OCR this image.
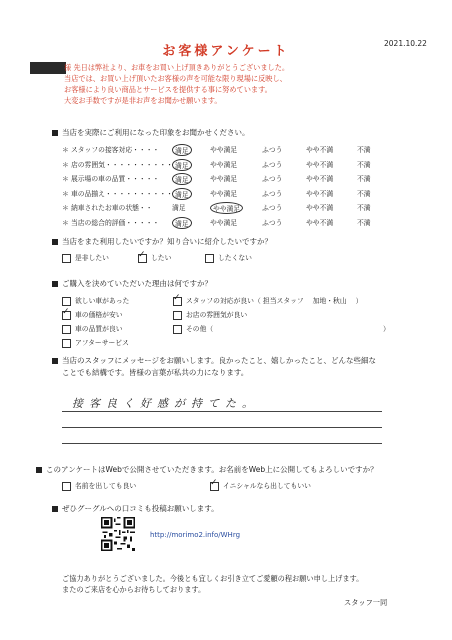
2021.10.22
お客様アンケート
様 先日は弊社より、お車をお買い上げ頂きありがとうございました。
当店では、お買い上げ頂いたお客様の声を可能な限り現場に反映し、
お客様により良い商品とサービスを提供する事に努めています。
大変お手数ですが是非お声をお聞かせ願います。
当店を実際にご利用になった印象をお聞かせください。
＊ スタッフの接客対応・・・・	満足	やや満足	ふつう	やや不満	不満
＊ 店の雰囲気・・・・・・・・・・ 満足	やや満足	ふつう	やや不満	不満
＊ 展示場の車の品質・・・・・	満足	やや満足	ふつう	やや不満	不満
＊ 車の品揃え・・・・・・・・・・ 満足	やや満足	ふつう	やや不満	不満
＊ 納車されたお車の状態・・	満足	やや満足	ふつう	やや不満	不満
＊ 当店の総合的評価・・・・・	満足	やや満足	ふつう	やや不満	不満
当店をまた利用したいですか？知り合いに紹介したいですか？
是非したい ✓	したい	したくない
ご購入を決めていただいた理由は何ですか？
欲しい車があった
✓車の価格が安い
車の品質が良い
アフターサービス
✓スタッフの対応が良い（ 担当スタッフ　 加地・秋山 　）
お店の雰囲気が良い
その他（	）
当店のスタッフにメッセージをお願いします。良かったこと、嬉しかったこと、どんな些細な
ことでも結構です。皆様の言葉が私共の力になります。
接客良く好感が持てた。
このアンケートはWebで公開させていただきます。お名前をWeb上に公開してもよろしいですか？
名前を出しても良い ✓	イニシャルなら出してもいい
ぜひグーグルへの口コミも投稿お願いします。
http://morimo2.info/WHrg
ご協力ありがとうございました。今後とも宜しくお引き立てご愛顧の程お願い申し上げます。
またのご来店を心からお待ちしております。
スタッフ一同
